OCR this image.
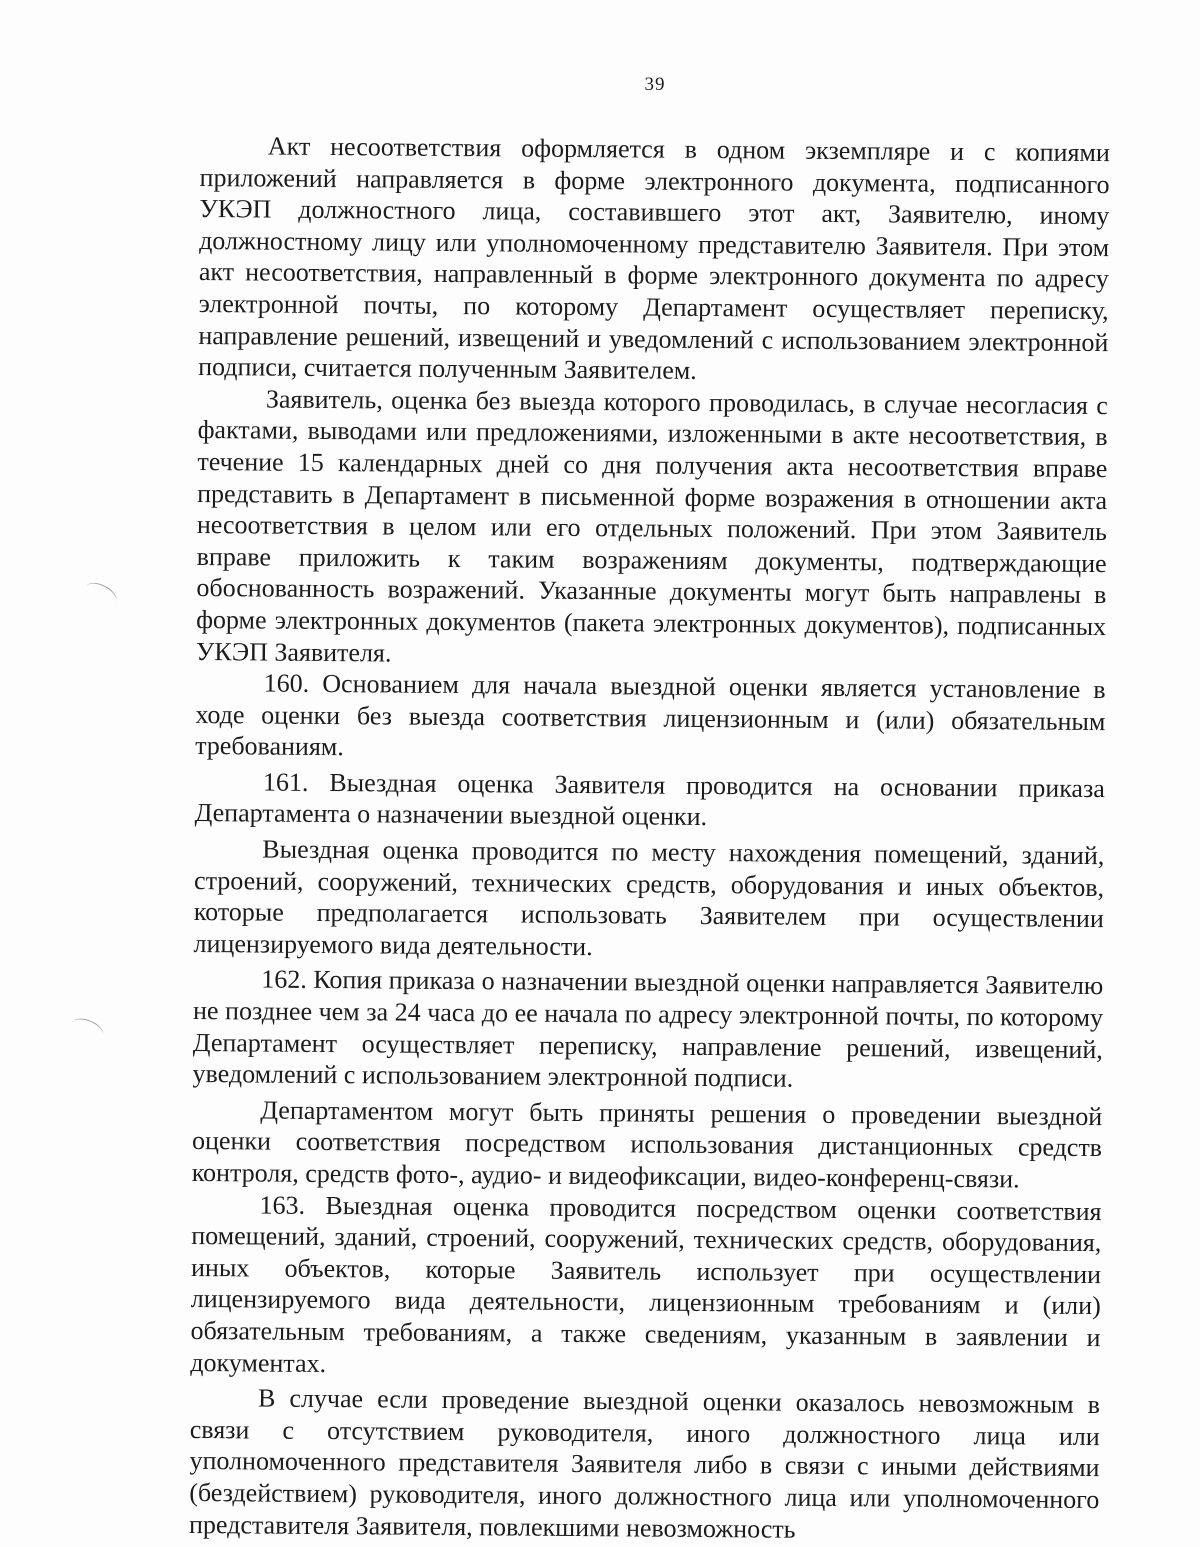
39

Акт несоответствия оформляется в одном экземпляре и с копиями приложений направляется в форме электронного документа, подписанного УКЭП должностного лица, составившего этот акт, Заявителю, иному должностному лицу или уполномоченному представителю Заявителя. При этом акт несоответствия, направленный в форме электронного документа по адресу электронной почты, по которому Департамент осуществляет переписку, направление решений, извещений и уведомлений с использованием электронной подписи, считается полученным Заявителем.

Заявитель, оценка без выезда которого проводилась, в случае несогласия с фактами, выводами или предложениями, изложенными в акте несоответствия, в течение 15 календарных дней со дня получения акта несоответствия вправе представить в Департамент в письменной форме возражения в отношении акта несоответствия в целом или его отдельных положений. При этом Заявитель вправе приложить к таким возражениям документы, подтверждающие обоснованность возражений. Указанные документы могут быть направлены в форме электронных документов (пакета электронных документов), подписанных УКЭП Заявителя.

160. Основанием для начала выездной оценки является установление в ходе оценки без выезда соответствия лицензионным и (или) обязательным требованиям.

161. Выездная оценка Заявителя проводится на основании приказа Департамента о назначении выездной оценки.

Выездная оценка проводится по месту нахождения помещений, зданий, строений, сооружений, технических средств, оборудования и иных объектов, которые предполагается использовать Заявителем при осуществлении лицензируемого вида деятельности.

162. Копия приказа о назначении выездной оценки направляется Заявителю не позднее чем за 24 часа до ее начала по адресу электронной почты, по которому Департамент осуществляет переписку, направление решений, извещений, уведомлений с использованием электронной подписи.

Департаментом могут быть приняты решения о проведении выездной оценки соответствия посредством использования дистанционных средств контроля, средств фото-, аудио- и видеофиксации, видео-конференц-связи.

163. Выездная оценка проводится посредством оценки соответствия помещений, зданий, строений, сооружений, технических средств, оборудования, иных объектов, которые Заявитель использует при осуществлении лицензируемого вида деятельности, лицензионным требованиям и (или) обязательным требованиям, а также сведениям, указанным в заявлении и документах.

В случае если проведение выездной оценки оказалось невозможным в связи с отсутствием руководителя, иного должностного лица или уполномоченного представителя Заявителя либо в связи с иными действиями (бездействием) руководителя, иного должностного лица или уполномоченного представителя Заявителя, повлекшими невозможность
